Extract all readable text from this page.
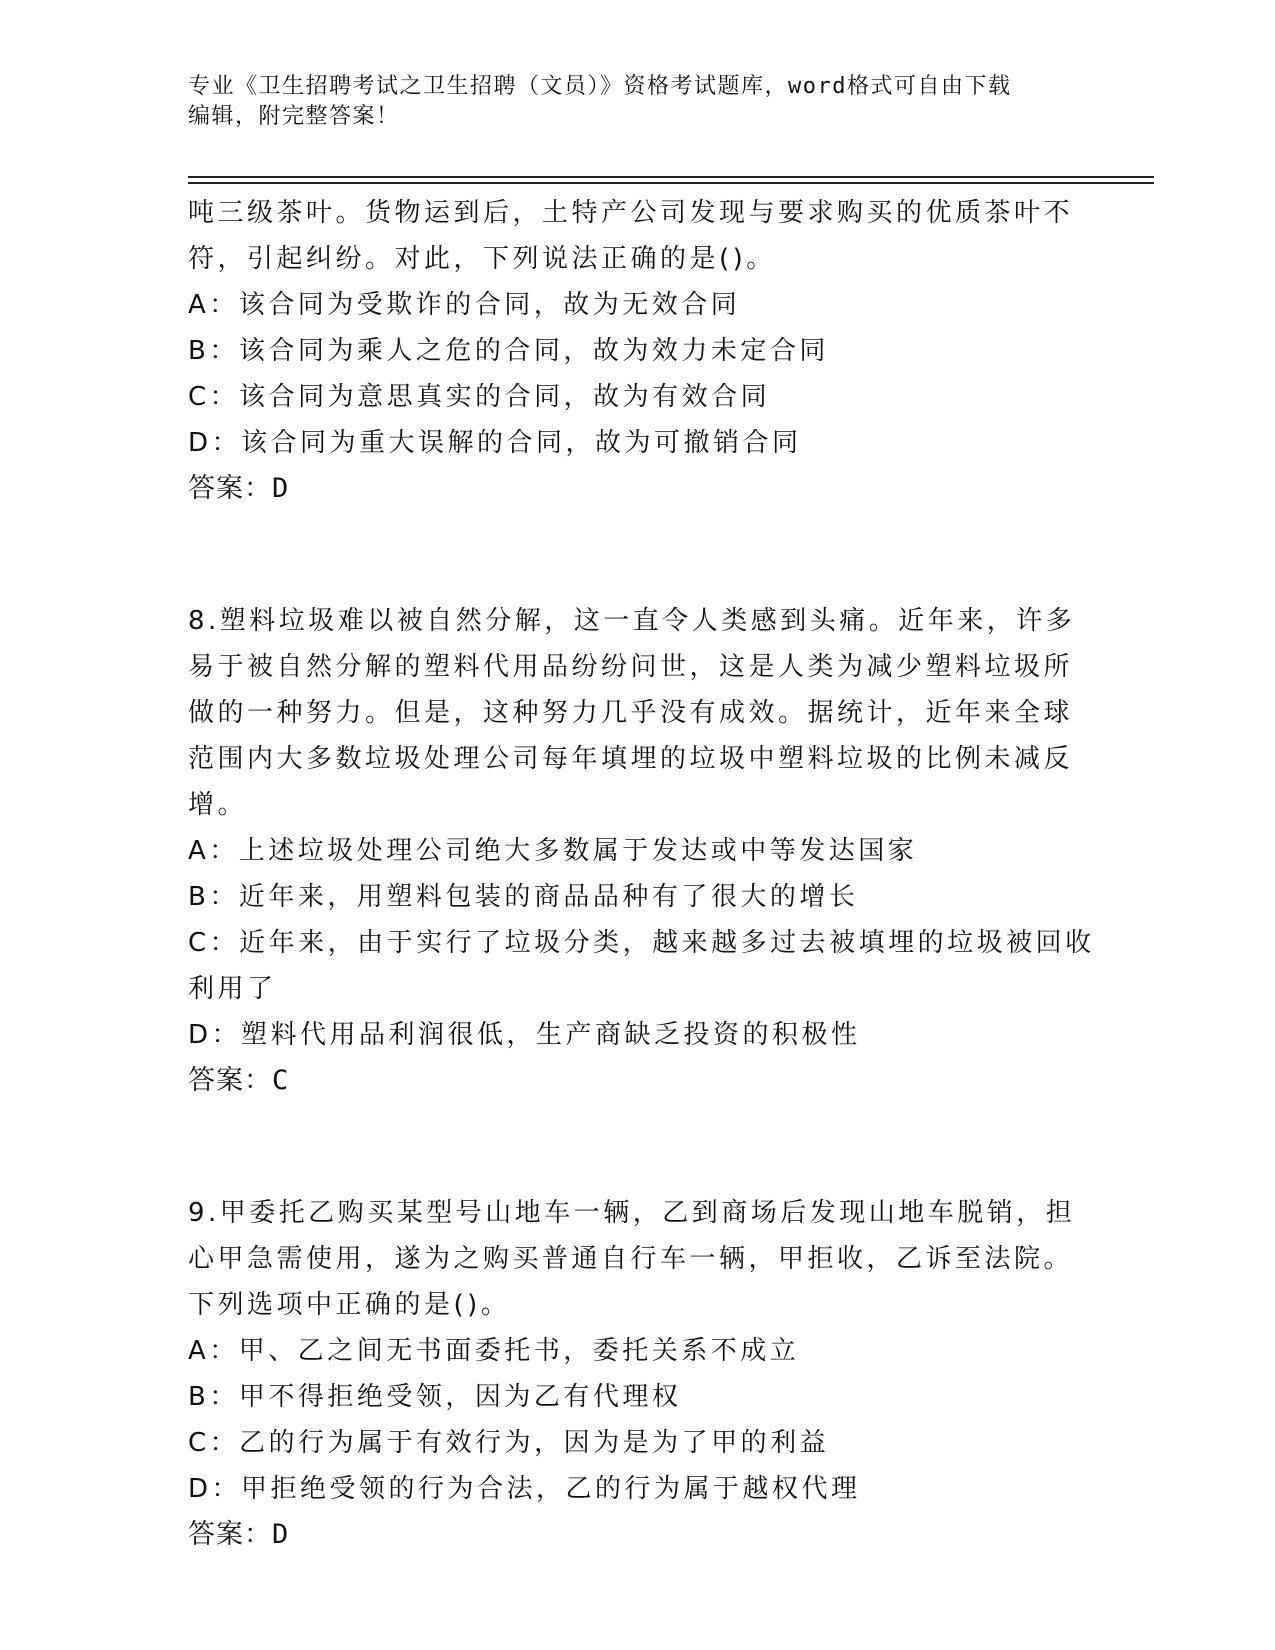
专业《卫生招聘考试之卫生招聘（文员）》资格考试题库，word格式可自由下载
编辑，附完整答案！
吨三级茶叶。货物运到后，土特产公司发现与要求购买的优质茶叶不
符，引起纠纷。对此，下列说法正确的是()。
A：该合同为受欺诈的合同，故为无效合同
B：该合同为乘人之危的合同，故为效力未定合同
C：该合同为意思真实的合同，故为有效合同
D：该合同为重大误解的合同，故为可撤销合同
答案：D
8.塑料垃圾难以被自然分解，这一直令人类感到头痛。近年来，许多
易于被自然分解的塑料代用品纷纷问世，这是人类为减少塑料垃圾所
做的一种努力。但是，这种努力几乎没有成效。据统计，近年来全球
范围内大多数垃圾处理公司每年填埋的垃圾中塑料垃圾的比例未减反
增。
A：上述垃圾处理公司绝大多数属于发达或中等发达国家
B：近年来，用塑料包装的商品品种有了很大的增长
C：近年来，由于实行了垃圾分类，越来越多过去被填埋的垃圾被回收
利用了
D：塑料代用品利润很低，生产商缺乏投资的积极性
答案：C
9.甲委托乙购买某型号山地车一辆，乙到商场后发现山地车脱销，担
心甲急需使用，遂为之购买普通自行车一辆，甲拒收，乙诉至法院。
下列选项中正确的是()。
A：甲、乙之间无书面委托书，委托关系不成立
B：甲不得拒绝受领，因为乙有代理权
C：乙的行为属于有效行为，因为是为了甲的利益
D：甲拒绝受领的行为合法，乙的行为属于越权代理
答案：D
